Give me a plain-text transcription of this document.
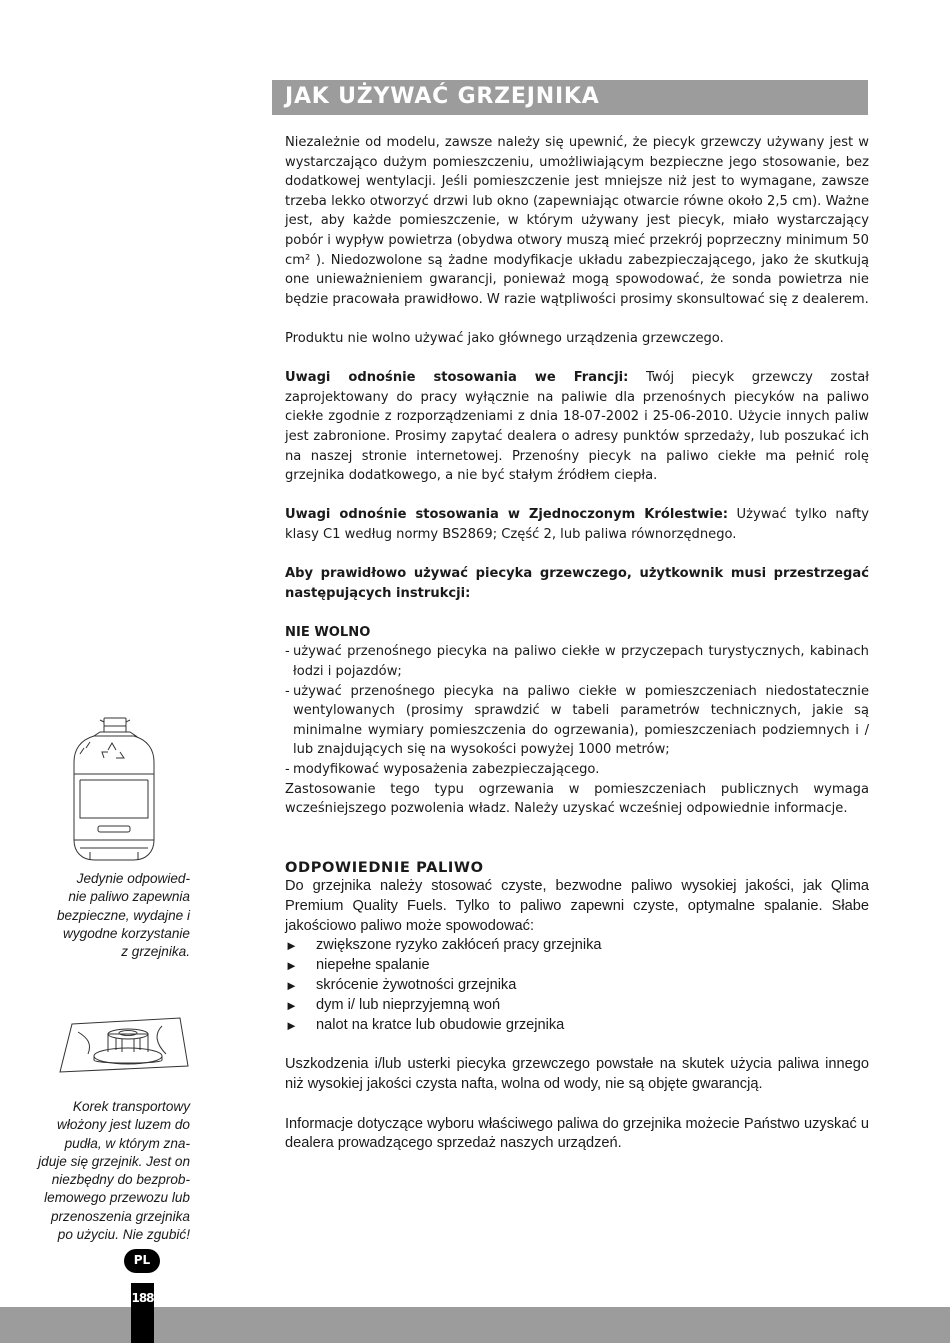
JAK UŻYWAĆ GRZEJNIKA

Niezależnie od modelu, zawsze należy się upewnić, że piecyk grzewczy używany jest w wystarczająco dużym pomieszczeniu, umożliwiającym bezpieczne jego stosowanie, bez dodatkowej wentylacji. Jeśli pomieszczenie jest mniejsze niż jest to wymagane, zawsze trzeba lekko otworzyć drzwi lub okno (zapewniając otwarcie równe około 2,5 cm). Ważne jest, aby każde pomieszczenie, w którym używany jest piecyk, miało wystarczający pobór i wypływ powietrza (obydwa otwory muszą mieć przekrój poprzeczny minimum 50 cm² ). Niedozwolone są żadne modyfikacje układu zabezpieczającego, jako że skutkują one unieważnieniem gwarancji, ponieważ mogą spowodować, że sonda powietrza nie będzie pracowała prawidłowo. W razie wątpliwości prosimy skonsultować się z dealerem.

Produktu nie wolno używać jako głównego urządzenia grzewczego.

Uwagi odnośnie stosowania we Francji: Twój piecyk grzewczy został zaprojektowany do pracy wyłącznie na paliwie dla przenośnych piecyków na paliwo ciekłe zgodnie z rozporządzeniami z dnia 18-07-2002 i 25-06-2010. Użycie innych paliw jest zabronione. Prosimy zapytać dealera o adresy punktów sprzedaży, lub poszukać ich na naszej stronie internetowej. Przenośny piecyk na paliwo ciekłe ma pełnić rolę grzejnika dodatkowego, a nie być stałym źródłem ciepła.

Uwagi odnośnie stosowania w Zjednoczonym Królestwie: Używać tylko nafty klasy C1 według normy BS2869; Część 2, lub paliwa równorzędnego.

Aby prawidłowo używać piecyka grzewczego, użytkownik musi przestrzegać następujących instrukcji:

NIE WOLNO

- używać przenośnego piecyka na paliwo ciekłe w przyczepach turystycznych, kabinach łodzi i pojazdów;
- używać przenośnego piecyka na paliwo ciekłe w pomieszczeniach niedostatecznie wentylowanych (prosimy sprawdzić w tabeli parametrów technicznych, jakie są minimalne wymiary pomieszczenia do ogrzewania), pomieszczeniach podziemnych i / lub znajdujących się na wysokości powyżej 1000 metrów;
- modyfikować wyposażenia zabezpieczającego.

Zastosowanie tego typu ogrzewania w pomieszczeniach publicznych wymaga wcześniejszego pozwolenia władz. Należy uzyskać wcześniej odpowiednie informacje.

ODPOWIEDNIE PALIWO

Do grzejnika należy stosować czyste, bezwodne paliwo wysokiej jakości, jak Qlima Premium Quality Fuels. Tylko to paliwo zapewni czyste, optymalne spalanie. Słabe jakościowo paliwo może spowodować:

►	zwiększone ryzyko zakłóceń pracy grzejnika
►	niepełne spalanie
►	skrócenie żywotności grzejnika
►	dym i/ lub nieprzyjemną woń
►	nalot na kratce lub obudowie grzejnika

Uszkodzenia i/lub usterki piecyka grzewczego powstałe na skutek użycia paliwa innego niż wysokiej jakości czysta nafta, wolna od wody, nie są objęte gwarancją.

Informacje dotyczące wyboru właściwego paliwa do grzejnika możecie Państwo uzyskać u dealera prowadzącego sprzedaż naszych urządzeń.

Jedynie odpowied-
nie paliwo zapewnia
bezpieczne, wydajne i
wygodne korzystanie
z grzejnika.
Korek transportowy
włożony jest luzem do
pudła, w którym zna-
jduje się grzejnik. Jest on
niezbędny do bezprob-
lemowego przewozu lub
przenoszenia grzejnika
po użyciu. Nie zgubić!
PL
188
